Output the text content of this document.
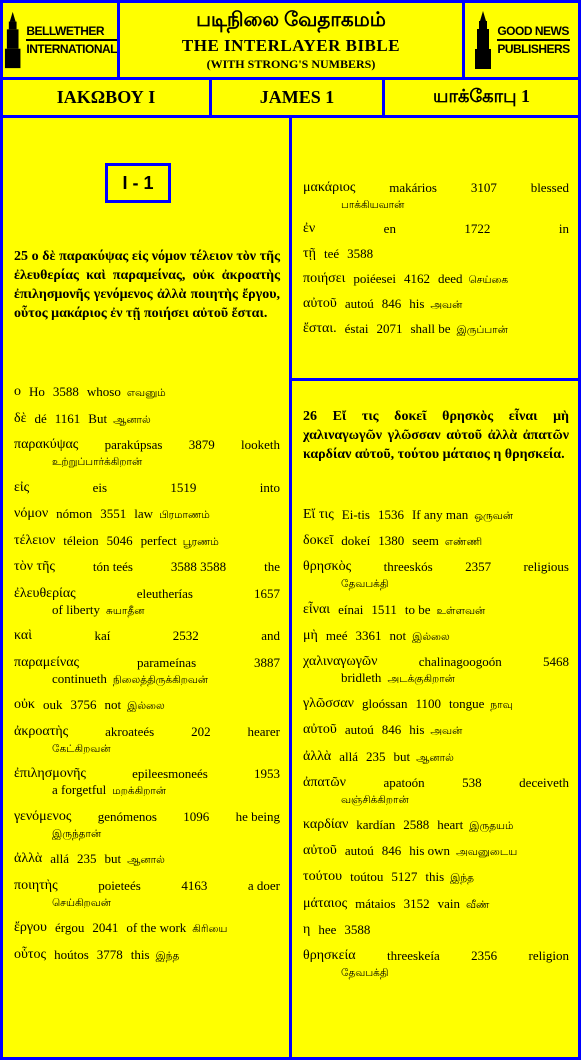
BELLWETHER
INTERNATIONAL
படிநிலை வேதாகமம்
THE INTERLAYER BIBLE
(WITH STRONG'S NUMBERS)
GOOD NEWS
PUBLISHERS
ΙΑΚΩΒΟΥ Ι	JAMES 1	யாக்கோபு 1
I - 1
25 ο δὲ παρακύψας εἰς νόμον τέλειον τὸν τῆς ἐλευθερίας καὶ παραμείνας, οὐκ ἀκροατὴς ἐπιλησμονῆς γενόμενος ἀλλὰ ποιητὴς ἔργου, οὗτος μακάριος ἐν τῇ ποιήσει αὐτοῦ ἔσται.
ο Ho 3588 whoso எவனும்
δὲ dé 1161 But ஆனால்
παρακύψας parakúpsas 3879 looketh
உற்றுப்பார்க்கிறான்
εἰς	eis	1519	into
νόμον nómon 3551 law பிரமாணம்
τέλειον téleion 5046 perfect பூரணம்
τὸν τῆς	tón teés	3588 3588	the
ἐλευθερίας	eleutherías	1657
of liberty சுயாதீன
καὶ	kaí	2532	and
παραμείνας	parameínas	3887
continueth நிலைத்திருக்கிறவன்
οὐκ ouk 3756 not இல்லை
ἀκροατὴς	akroateés	202	hearer
கேட்கிறவன்
ἐπιλησμονῆς	epileesmoneés	1953
a forgetful மறக்கிறான்
γενόμενος genómenos 1096 he being
இருந்தான்
ἀλλὰ allá 235 but ஆனால்
ποιητὴς	poieteés	4163	a doer
செய்கிறவன்
ἔργου érgou 2041 of the work கிரியை
οὗτος hoútos 3778 this இந்த
μακάριος	makários	3107	blessed
பாக்கியவான்
ἐν	en	1722	in
τῇ teé 3588
ποιήσει poiéesei 4162 deed செய்கை
αὐτοῦ autoú 846 his அவன்
ἔσται. éstai 2071 shall be இருப்பான்
26 Εἴ τις δοκεῖ θρησκὸς εἶναι μὴ χαλιναγωγῶν γλῶσσαν αὐτοῦ ἀλλὰ ἀπατῶν καρδίαν αὐτοῦ, τούτου μάταιος η θρησκεία.
Εἴ τις Ei-tis 1536 If any man ஒருவன்
δοκεῖ dokeí 1380 seem எண்ணி
θρησκὸς threeskós 2357 religious
தேவபக்தி
εἶναι eínai 1511 to be உள்ளவன்
μὴ meé 3361 not இல்லை
χαλιναγωγῶν	chalinagoogoón	5468
bridleth அடக்குகிறான்
γλῶσσαν gloóssan 1100 tongue நாவு
αὐτοῦ autoú 846 his அவன்
ἀλλὰ allá 235 but ஆனால்
ἀπατῶν	apatoón	538	deceiveth
வஞ்சிக்கிறான்
καρδίαν kardían 2588 heart இருதயம்
αὐτοῦ autoú 846 his own அவனுடைய
τούτου toútou 5127 this இந்த
μάταιος mátaios 3152 vain வீண்
η hee 3588
θρησκεία threeskeía 2356 religion
தேவபக்தி
